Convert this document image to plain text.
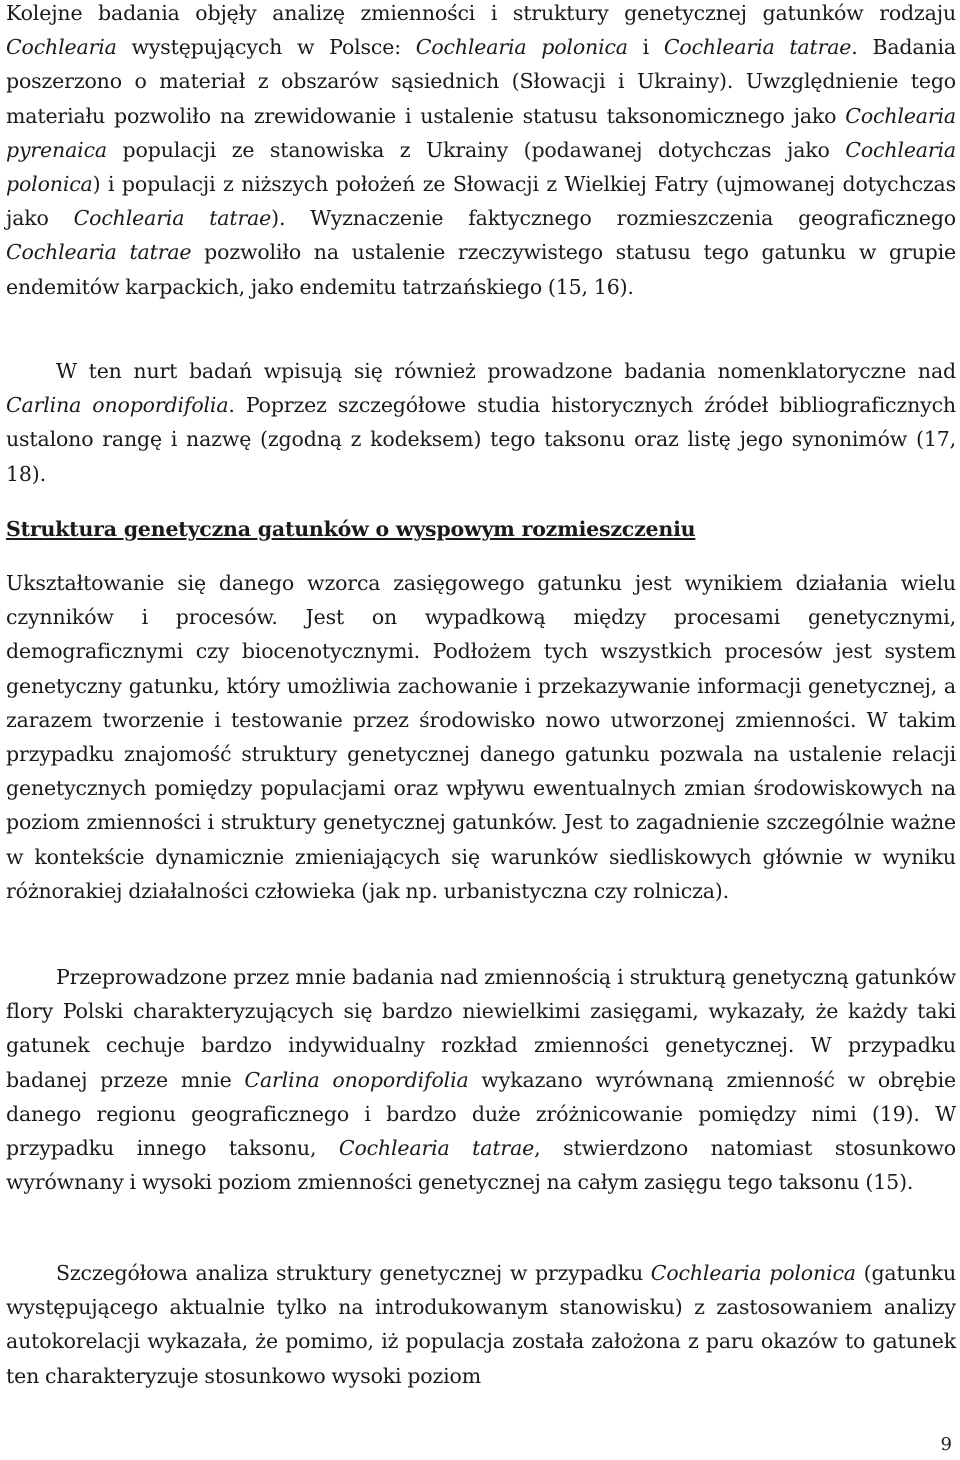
Kolejne badania objęły analizę zmienności i struktury genetycznej gatunków rodzaju Cochlearia występujących w Polsce: Cochlearia polonica i Cochlearia tatrae. Badania poszerzono o materiał z obszarów sąsiednich (Słowacji i Ukrainy). Uwzględnienie tego materiału pozwoliło na zrewidowanie i ustalenie statusu taksonomicznego jako Cochlearia pyrenaica populacji ze stanowiska z Ukrainy (podawanej dotychczas jako Cochlearia polonica) i populacji z niższych położeń ze Słowacji z Wielkiej Fatry (ujmowanej dotychczas jako Cochlearia tatrae). Wyznaczenie faktycznego rozmieszczenia geograficznego Cochlearia tatrae pozwoliło na ustalenie rzeczywistego statusu tego gatunku w grupie endemitów karpackich, jako endemitu tatrzańskiego (15, 16).

W ten nurt badań wpisują się również prowadzone badania nomenklatoryczne nad Carlina onopordifolia. Poprzez szczegółowe studia historycznych źródeł bibliograficznych ustalono rangę i nazwę (zgodną z kodeksem) tego taksonu oraz listę jego synonimów (17, 18).

Struktura genetyczna gatunków o wyspowym rozmieszczeniu

Ukształtowanie się danego wzorca zasięgowego gatunku jest wynikiem działania wielu czynników i procesów. Jest on wypadkową między procesami genetycznymi, demograficznymi czy biocenotycznymi. Podłożem tych wszystkich procesów jest system genetyczny gatunku, który umożliwia zachowanie i przekazywanie informacji genetycznej, a zarazem tworzenie i testowanie przez środowisko nowo utworzonej zmienności. W takim przypadku znajomość struktury genetycznej danego gatunku pozwala na ustalenie relacji genetycznych pomiędzy populacjami oraz wpływu ewentualnych zmian środowiskowych na poziom zmienności i struktury genetycznej gatunków. Jest to zagadnienie szczególnie ważne w kontekście dynamicznie zmieniających się warunków siedliskowych głównie w wyniku różnorakiej działalności człowieka (jak np. urbanistyczna czy rolnicza).

Przeprowadzone przez mnie badania nad zmiennością i strukturą genetyczną gatunków flory Polski charakteryzujących się bardzo niewielkimi zasięgami, wykazały, że każdy taki gatunek cechuje bardzo indywidualny rozkład zmienności genetycznej. W przypadku badanej przeze mnie Carlina onopordifolia wykazano wyrównaną zmienność w obrębie danego regionu geograficznego i bardzo duże zróżnicowanie pomiędzy nimi (19). W przypadku innego taksonu, Cochlearia tatrae, stwierdzono natomiast stosunkowo wyrównany i wysoki poziom zmienności genetycznej na całym zasięgu tego taksonu (15).

Szczegółowa analiza struktury genetycznej w przypadku Cochlearia polonica (gatunku występującego aktualnie tylko na introdukowanym stanowisku) z zastosowaniem analizy autokorelacji wykazała, że pomimo, iż populacja została założona z paru okazów to gatunek ten charakteryzuje stosunkowo wysoki poziom

9
